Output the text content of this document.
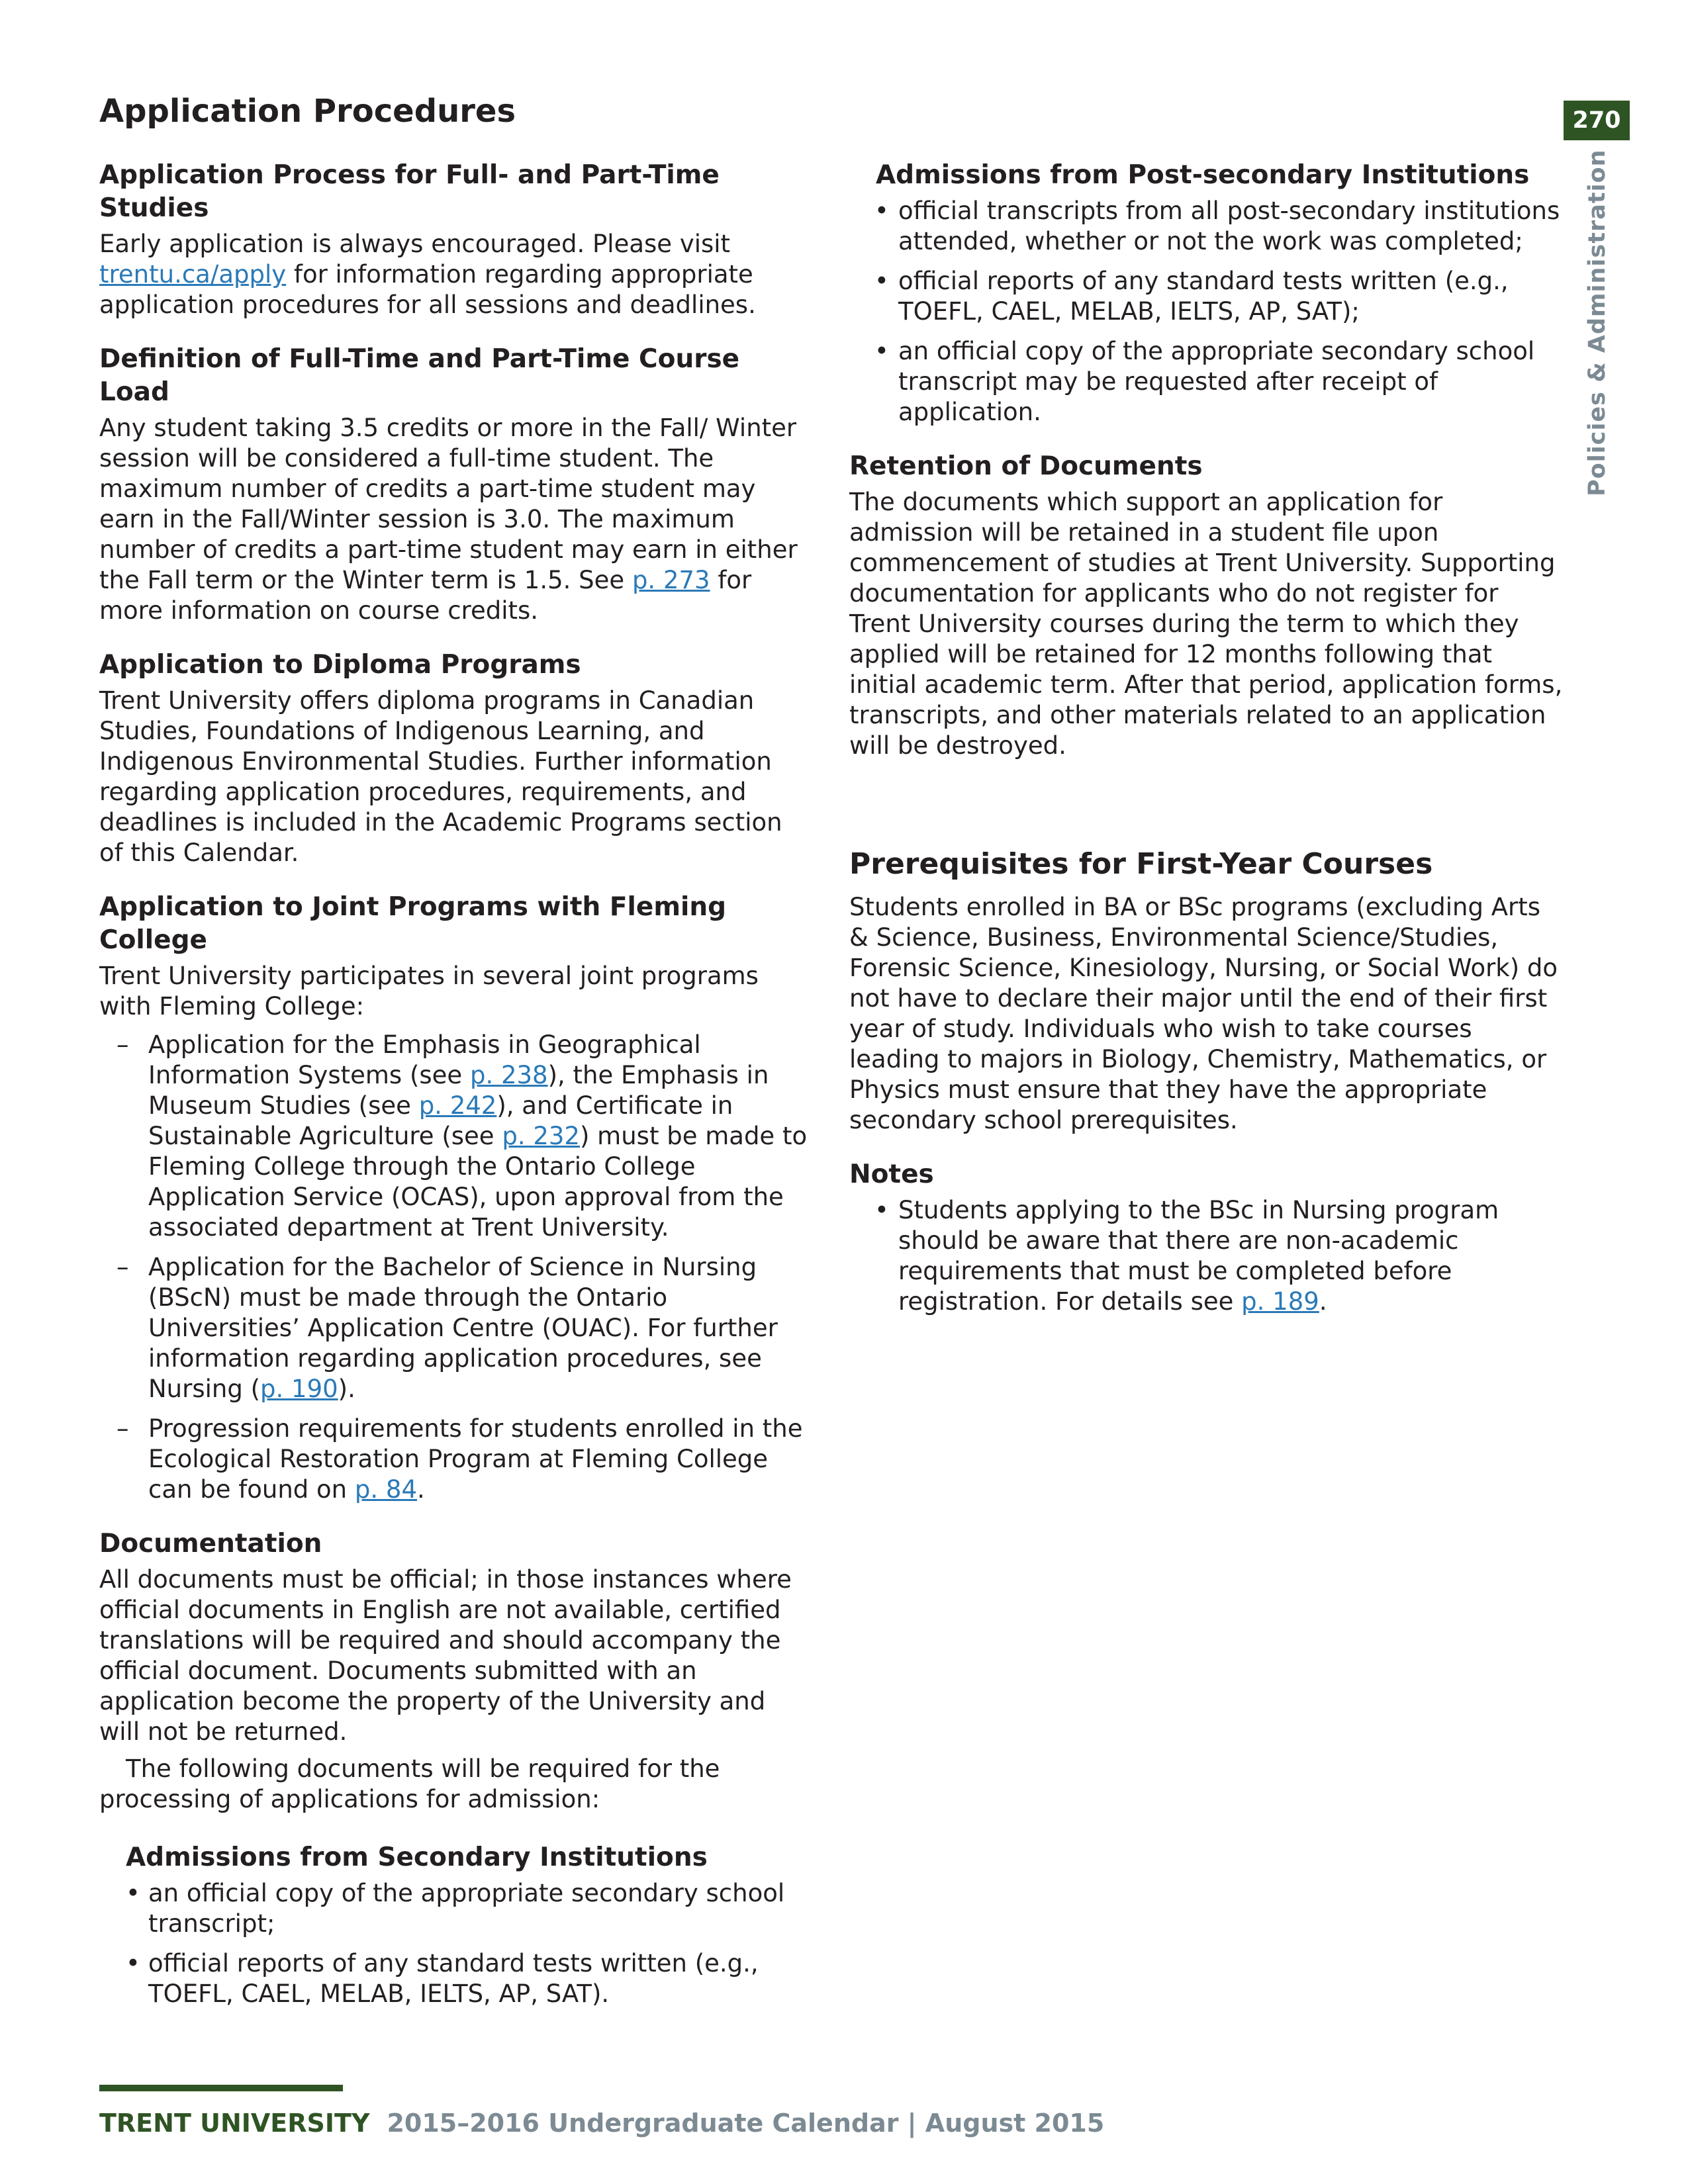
Application Procedures	270
Policies & Administration
Application Process for Full- and Part-Time Studies

Early application is always encouraged. Please visit trentu.ca/apply for information regarding appropriate application procedures for all sessions and deadlines.

Definition of Full-Time and Part-Time Course Load

Any student taking 3.5 credits or more in the Fall/ Winter session will be considered a full-time student. The maximum number of credits a part-time student may earn in the Fall/Winter session is 3.0. The maximum number of credits a part-time student may earn in either the Fall term or the Winter term is 1.5. See p. 273 for more information on course credits.

Application to Diploma Programs

Trent University offers diploma programs in Canadian Studies, Foundations of Indigenous Learning, and Indigenous Environmental Studies. Further information regarding application procedures, requirements, and deadlines is included in the Academic Programs section of this Calendar.

Application to Joint Programs with Fleming College

Trent University participates in several joint programs with Fleming College:

– Application for the Emphasis in Geographical Information Systems (see p. 238), the Emphasis in Museum Studies (see p. 242), and Certificate in Sustainable Agriculture (see p. 232) must be made to Fleming College through the Ontario College Application Service (OCAS), upon approval from the associated department at Trent University.
– Application for the Bachelor of Science in Nursing (BScN) must be made through the Ontario Universities’ Application Centre (OUAC). For further information regarding application procedures, see Nursing (p. 190).
– Progression requirements for students enrolled in the Ecological Restoration Program at Fleming College can be found on p. 84.
Documentation

All documents must be official; in those instances where official documents in English are not available, certified translations will be required and should accompany the official document. Documents submitted with an application become the property of the University and will not be returned.

The following documents will be required for the processing of applications for admission:

Admissions from Secondary Institutions
• an official copy of the appropriate secondary school transcript;
• official reports of any standard tests written (e.g., TOEFL, CAEL, MELAB, IELTS, AP, SAT).
Admissions from Post-secondary Institutions
• official transcripts from all post-secondary institutions attended, whether or not the work was completed;
• official reports of any standard tests written (e.g., TOEFL, CAEL, MELAB, IELTS, AP, SAT);
• an official copy of the appropriate secondary school transcript may be requested after receipt of application.
Retention of Documents

The documents which support an application for admission will be retained in a student file upon commencement of studies at Trent University. Supporting documentation for applicants who do not register for Trent University courses during the term to which they applied will be retained for 12 months following that initial academic term. After that period, application forms, transcripts, and other materials related to an application will be destroyed.

Prerequisites for First-Year Courses

Students enrolled in BA or BSc programs (excluding Arts & Science, Business, Environmental Science/Studies, Forensic Science, Kinesiology, Nursing, or Social Work) do not have to declare their major until the end of their first year of study. Individuals who wish to take courses leading to majors in Biology, Chemistry, Mathematics, or Physics must ensure that they have the appropriate secondary school prerequisites.

Notes
• Students applying to the BSc in Nursing program should be aware that there are non-academic requirements that must be completed before registration. For details see p. 189.
TRENT UNIVERSITY 2015–2016 Undergraduate Calendar | August 2015
